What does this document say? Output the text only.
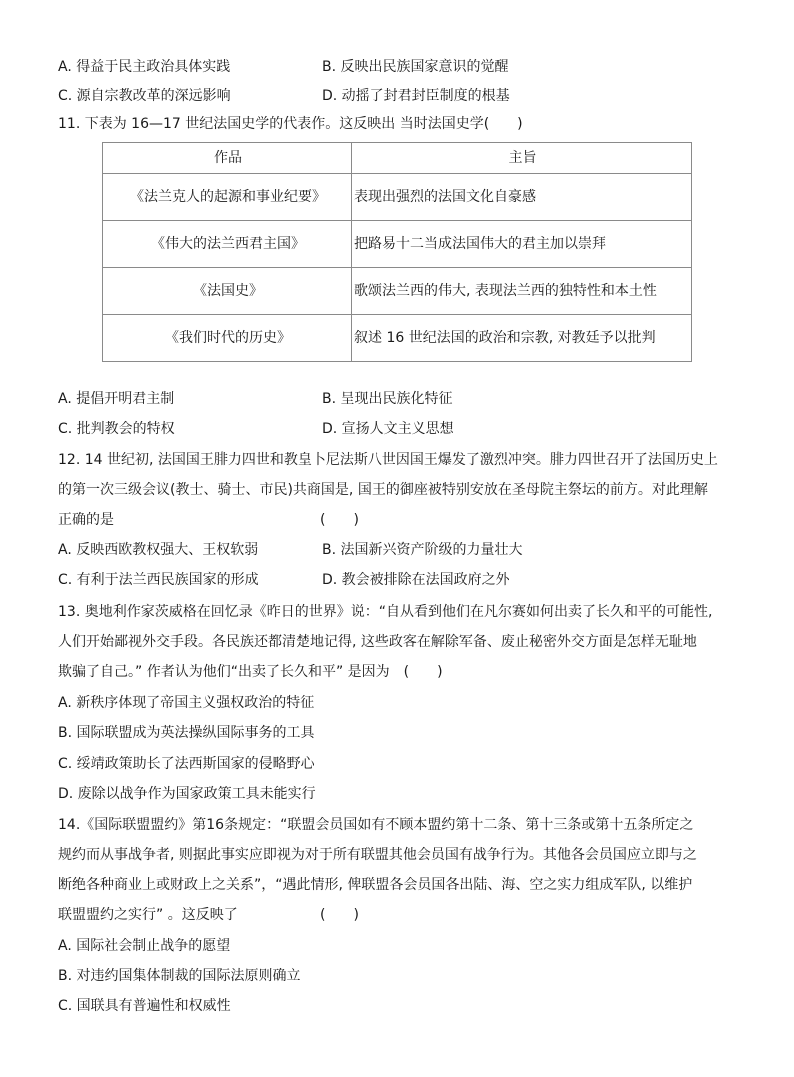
A. 得益于民主政治具体实践	B. 反映出民族国家意识的觉醒
C. 源自宗教改革的深远影响	D. 动摇了封君封臣制度的根基
11. 下表为 16—17 世纪法国史学的代表作。这反映出 当时法国史学(　　)
作品	主旨
《法兰克人的起源和事业纪要》	表现出强烈的法国文化自豪感
《伟大的法兰西君主国》	把路易十二当成法国伟大的君主加以崇拜
《法国史》	歌颂法兰西的伟大, 表现法兰西的独特性和本土性
《我们时代的历史》	叙述 16 世纪法国的政治和宗教, 对教廷予以批判
A. 提倡开明君主制	B. 呈现出民族化特征
C. 批判教会的特权	D. 宣扬人文主义思想
12. 14 世纪初, 法国国王腓力四世和教皇卜尼法斯八世因国王爆发了激烈冲突。腓力四世召开了法国历史上
的第一次三级会议(教士、骑士、市民)共商国是, 国王的御座被特别安放在圣母院主祭坛的前方。对此理解
正确的是	(　　)
A. 反映西欧教权强大、王权软弱	B. 法国新兴资产阶级的力量壮大
C. 有利于法兰西民族国家的形成	D. 教会被排除在法国政府之外
13. 奥地利作家茨威格在回忆录《昨日的世界》说：“自从看到他们在凡尔赛如何出卖了长久和平的可能性,
人们开始鄙视外交手段。各民族还都清楚地记得, 这些政客在解除军备、废止秘密外交方面是怎样无耻地
欺骗了自己。” 作者认为他们“出卖了长久和平” 是因为　(　　)
A. 新秩序体现了帝国主义强权政治的特征
B. 国际联盟成为英法操纵国际事务的工具
C. 绥靖政策助长了法西斯国家的侵略野心
D. 废除以战争作为国家政策工具未能实行
14.《国际联盟盟约》第16条规定：“联盟会员国如有不顾本盟约第十二条、第十三条或第十五条所定之
规约而从事战争者, 则据此事实应即视为对于所有联盟其他会员国有战争行为。其他各会员国应立即与之
断绝各种商业上或财政上之关系”，“遇此情形, 俾联盟各会员国各出陆、海、空之实力组成军队, 以维护
联盟盟约之实行” 。这反映了	(　　)
A. 国际社会制止战争的愿望
B. 对违约国集体制裁的国际法原则确立
C. 国联具有普遍性和权威性
